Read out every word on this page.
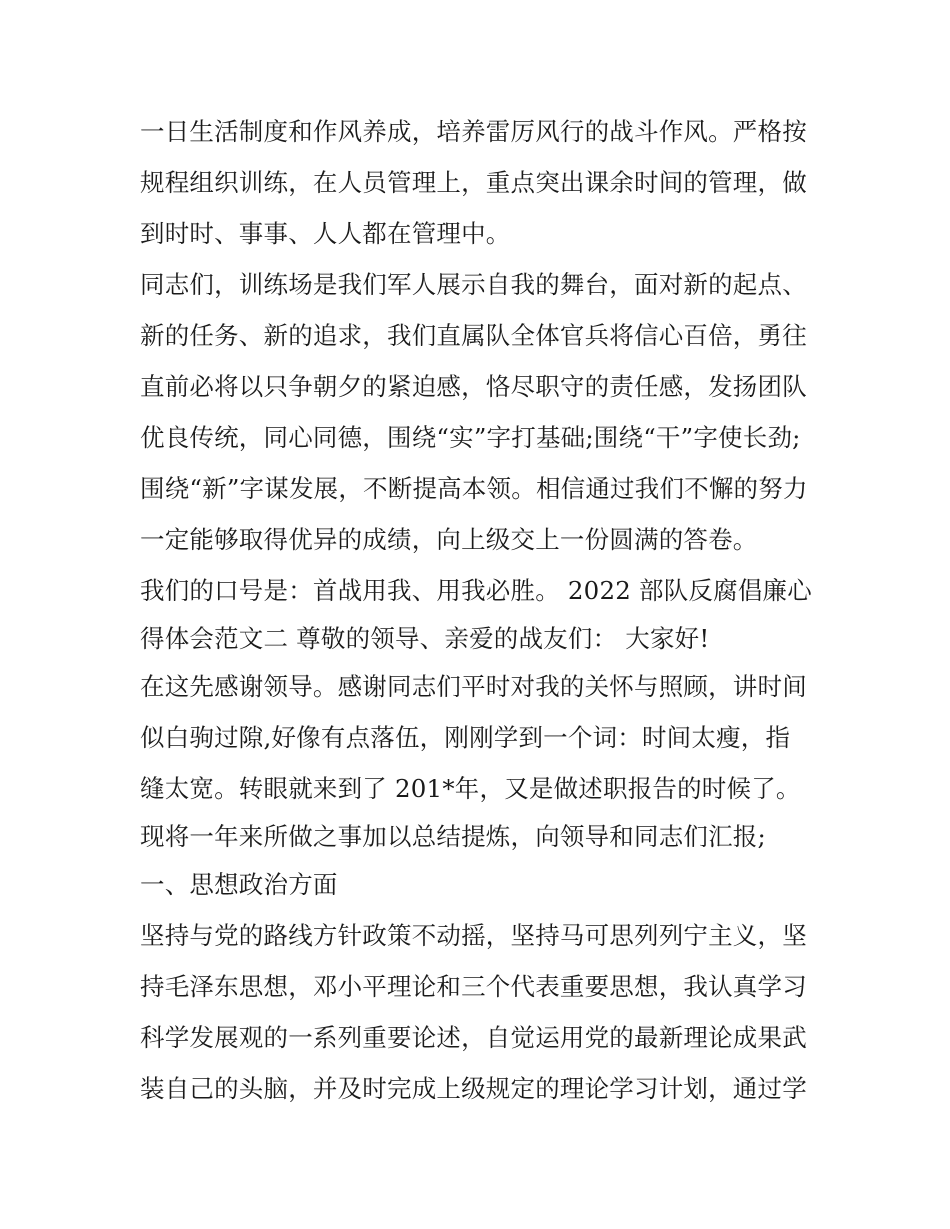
一日生活制度和作风养成，培养雷厉风行的战斗作风。严格按
规程组织训练，在人员管理上，重点突出课余时间的管理，做
到时时、事事、人人都在管理中。
同志们，训练场是我们军人展示自我的舞台，面对新的起点、
新的任务、新的追求，我们直属队全体官兵将信心百倍，勇往
直前必将以只争朝夕的紧迫感，恪尽职守的责任感，发扬团队
优良传统，同心同德，围绕“实”字打基础;围绕“干”字使长劲;
围绕“新”字谋发展，不断提高本领。相信通过我们不懈的努力
一定能够取得优异的成绩，向上级交上一份圆满的答卷。
我们的口号是：首战用我、用我必胜。 2022 部队反腐倡廉心
得体会范文二 尊敬的领导、亲爱的战友们： 大家好!
在这先感谢领导。感谢同志们平时对我的关怀与照顾，讲时间
似白驹过隙,好像有点落伍，刚刚学到一个词：时间太瘦，指
缝太宽。转眼就来到了 201*年，又是做述职报告的时候了。
现将一年来所做之事加以总结提炼，向领导和同志们汇报;
一、思想政治方面
坚持与党的路线方针政策不动摇，坚持马可思列列宁主义，坚
持毛泽东思想，邓小平理论和三个代表重要思想，我认真学习
科学发展观的一系列重要论述，自觉运用党的最新理论成果武
装自己的头脑，并及时完成上级规定的理论学习计划，通过学
